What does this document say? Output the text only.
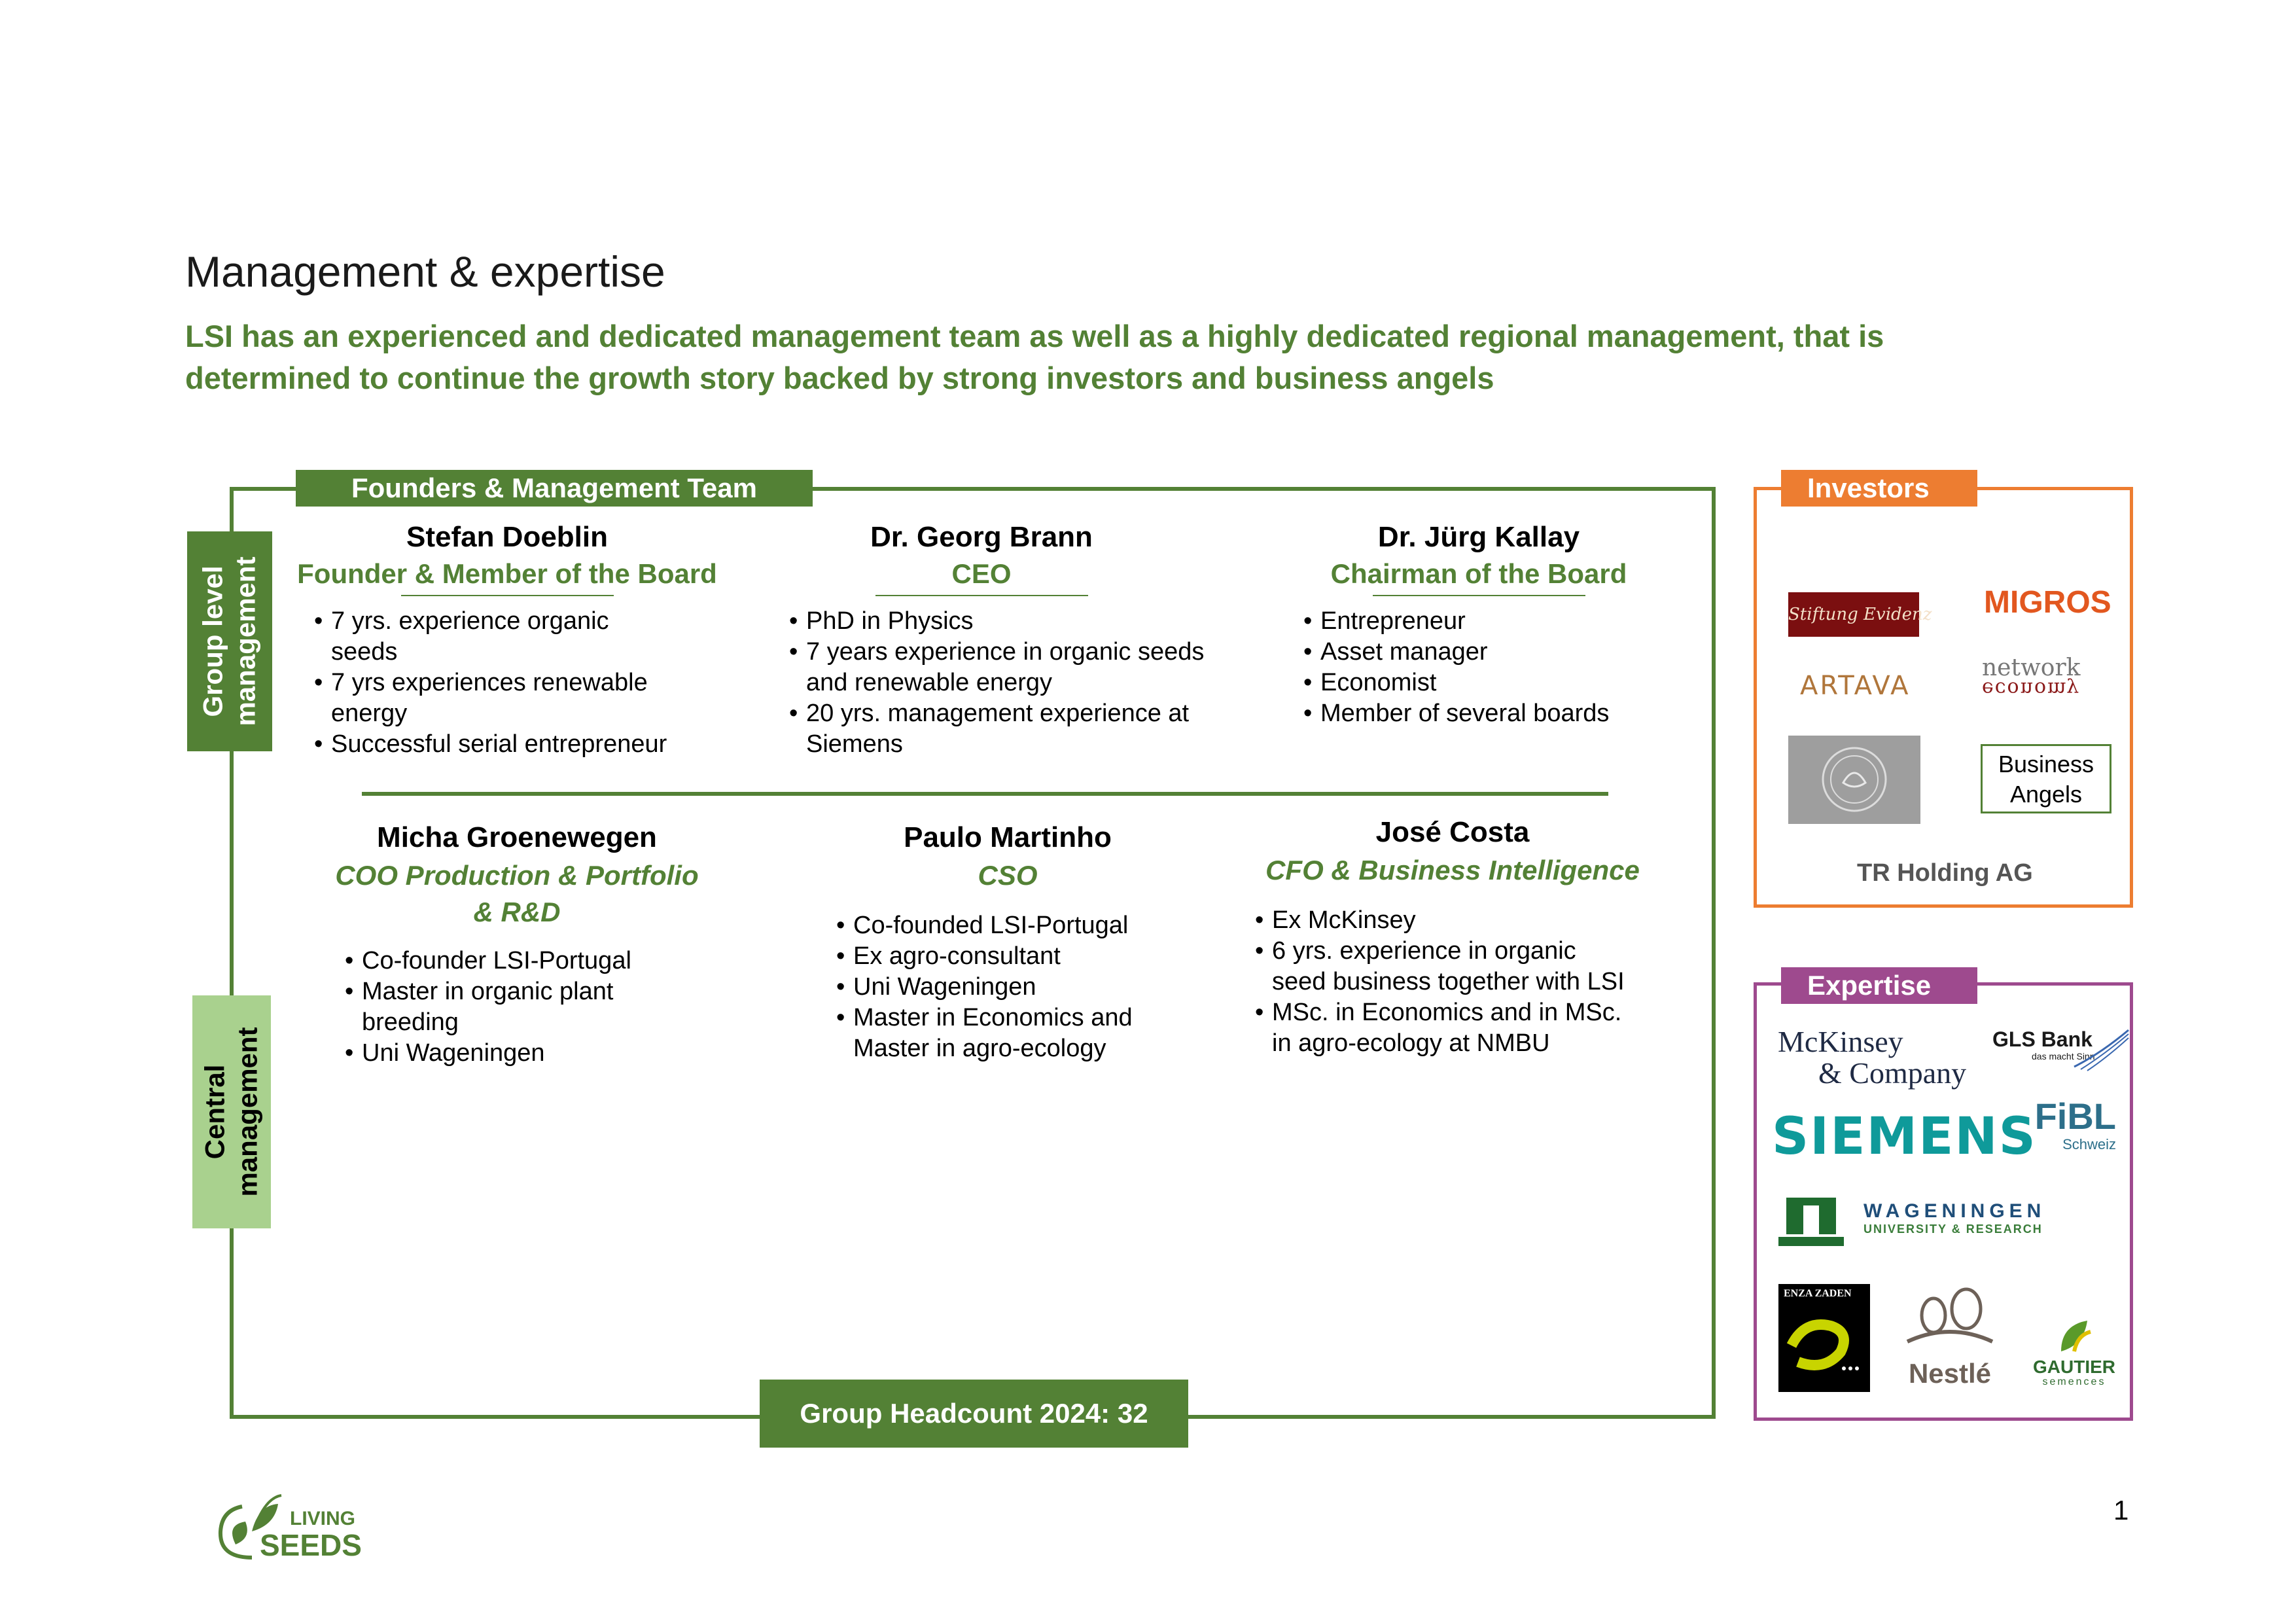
Management & expertise
LSI has an experienced and dedicated management team as well as a highly dedicated regional management, that is
determined to continue the growth story backed by strong investors and business angels
Founders & Management Team
Group Headcount 2024: 32
Group level management
Central management
Stefan Doeblin
Founder & Member of the Board
• 7 yrs. experience organic seeds
• 7 yrs experiences renewable energy
• Successful serial entrepreneur
Dr. Georg Brann
CEO
• PhD in Physics
• 7 years experience in organic seeds and renewable energy
• 20 yrs. management experience at Siemens
Dr. Jürg Kallay
Chairman of the Board
• Entrepreneur
• Asset manager
• Economist
• Member of several boards
Micha Groenewegen
COO Production & Portfolio
& R&D
• Co-founder LSI-Portugal
• Master in organic plant breeding
• Uni Wageningen
Paulo Martinho
CSO
• Co-founded LSI-Portugal
• Ex agro-consultant
• Uni Wageningen
• Master in Economics and Master in agro-ecology
José Costa
CFO & Business Intelligence
• Ex McKinsey
• 6 yrs. experience in organic seed business together with LSI
• MSc. in Economics and in MSc. in agro-ecology at NMBU
Investors
Stiftung Evidenz MIGROS
ARTAVA
network
economy
Business
Angels
TR Holding AG
Expertise
McKinsey
& Company
GLS Bank
das macht Sinn
SIEMENS
FiBL
Schweiz
WAGENINGEN
UNIVERSITY & RESEARCH
ENZA ZADEN
Nestlé	GAUTIER
semences
LIVING
SEEDS
1
